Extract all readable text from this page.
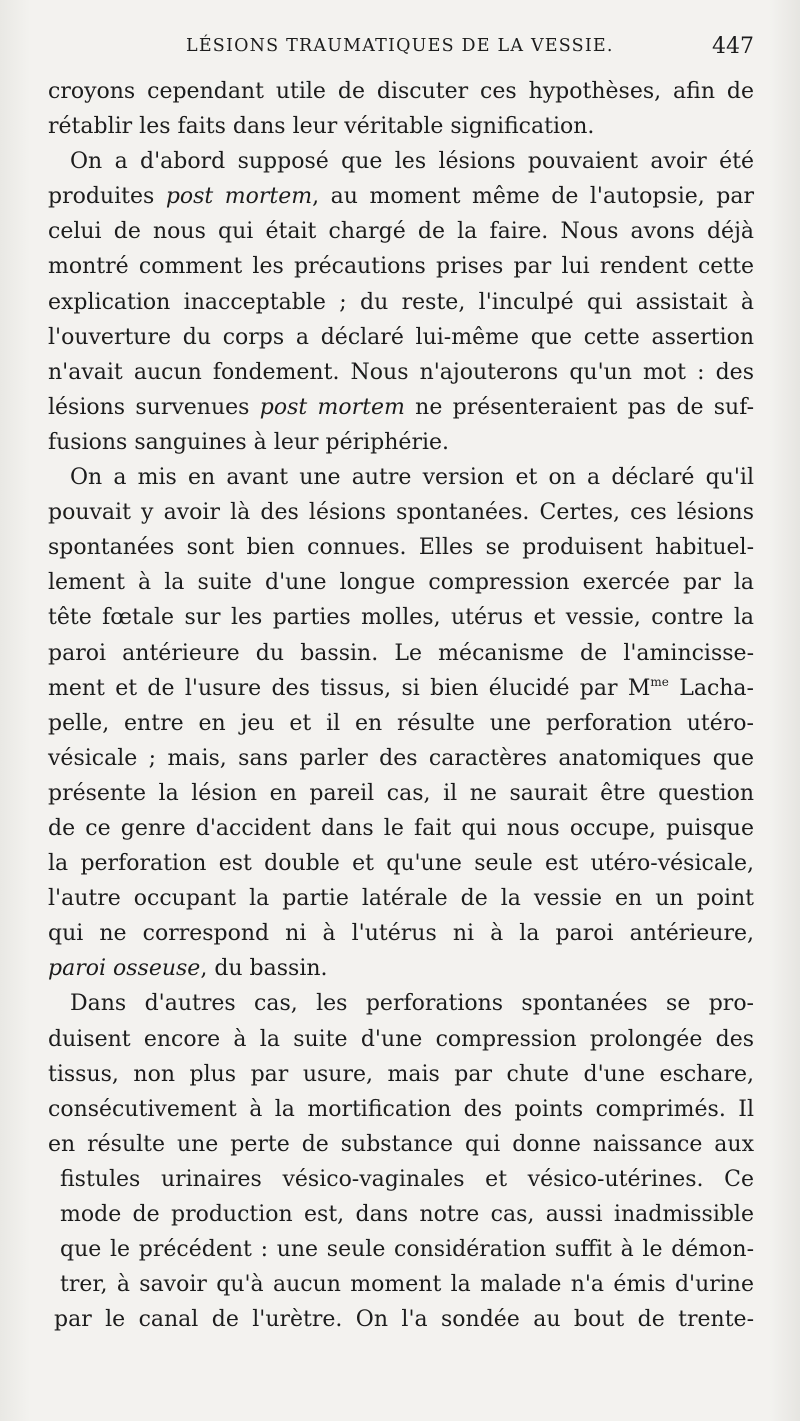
LÉSIONS TRAUMATIQUES DE LA VESSIE.	447
croyons cependant utile de discuter ces hypothèses, afin de
rétablir les faits dans leur véritable signification.
On a d'abord supposé que les lésions pouvaient avoir été
produites post mortem, au moment même de l'autopsie, par
celui de nous qui était chargé de la faire. Nous avons déjà
montré comment les précautions prises par lui rendent cette
explication inacceptable ; du reste, l'inculpé qui assistait à
l'ouverture du corps a déclaré lui-même que cette assertion
n'avait aucun fondement. Nous n'ajouterons qu'un mot : des
lésions survenues post mortem ne présenteraient pas de suf-
fusions sanguines à leur périphérie.
On a mis en avant une autre version et on a déclaré qu'il
pouvait y avoir là des lésions spontanées. Certes, ces lésions
spontanées sont bien connues. Elles se produisent habituel-
lement à la suite d'une longue compression exercée par la
tête fœtale sur les parties molles, utérus et vessie, contre la
paroi antérieure du bassin. Le mécanisme de l'amincisse-
ment et de l'usure des tissus, si bien élucidé par $M^{me}$ Lacha-
pelle, entre en jeu et il en résulte une perforation utéro-
vésicale ; mais, sans parler des caractères anatomiques que
présente la lésion en pareil cas, il ne saurait être question
de ce genre d'accident dans le fait qui nous occupe, puisque
la perforation est double et qu'une seule est utéro-vésicale,
l'autre occupant la partie latérale de la vessie en un point
qui ne correspond ni à l'utérus ni à la paroi antérieure,
paroi osseuse, du bassin.
Dans d'autres cas, les perforations spontanées se pro-
duisent encore à la suite d'une compression prolongée des
tissus, non plus par usure, mais par chute d'une eschare,
consécutivement à la mortification des points comprimés. Il
en résulte une perte de substance qui donne naissance aux
fistules urinaires vésico-vaginales et vésico-utérines. Ce
mode de production est, dans notre cas, aussi inadmissible
que le précédent : une seule considération suffit à le démon-
trer, à savoir qu'à aucun moment la malade n'a émis d'urine
par le canal de l'urètre. On l'a sondée au bout de trente-
